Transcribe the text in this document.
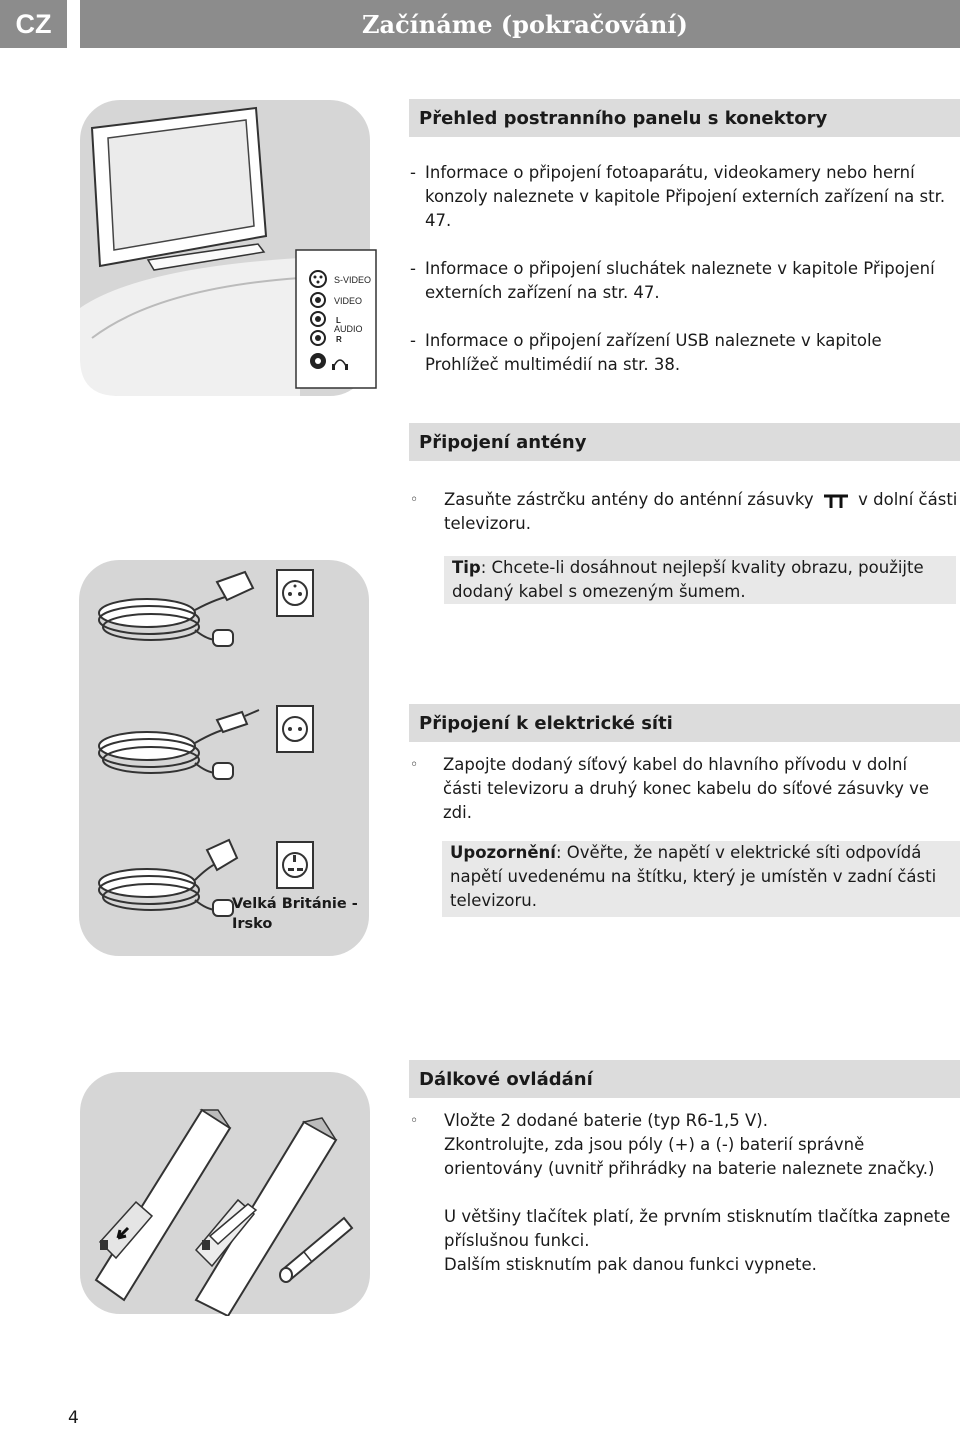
CZ	Začínáme (pokračování)
S-VIDEO
VIDEO
L
AUDIO
R
Přehled postranního panelu s konektory
- Informace o připojení fotoaparátu, videokamery nebo herní konzoly naleznete v kapitole Připojení externích zařízení na str. 47.
- Informace o připojení sluchátek naleznete v kapitole Připojení externích zařízení na str. 47.
- Informace o připojení zařízení USB naleznete v kapitole Prohlížeč multimédií na str. 38.
Připojení antény
◦ Zasuňte zástrčku antény do anténní zásuvky	v dolní části televizoru.
Tip: Chcete-li dosáhnout nejlepší kvality obrazu, použijte dodaný kabel s omezeným šumem.
Velká Británie - Irsko
Připojení k elektrické síti
◦ Zapojte dodaný síťový kabel do hlavního přívodu v dolní části televizoru a druhý konec kabelu do síťové zásuvky ve zdi.
Upozornění: Ověřte, že napětí v elektrické síti odpovídá napětí uvedenému na štítku, který je umístěn v zadní části televizoru.
Dálkové ovládání
◦ Vložte 2 dodané baterie (typ R6-1,5 V).
Zkontrolujte, zda jsou póly (+) a (-) baterií správně orientovány (uvnitř přihrádky na baterie naleznete značky.)
U většiny tlačítek platí, že prvním stisknutím tlačítka zapnete příslušnou funkci.
Dalším stisknutím pak danou funkci vypnete.
4
